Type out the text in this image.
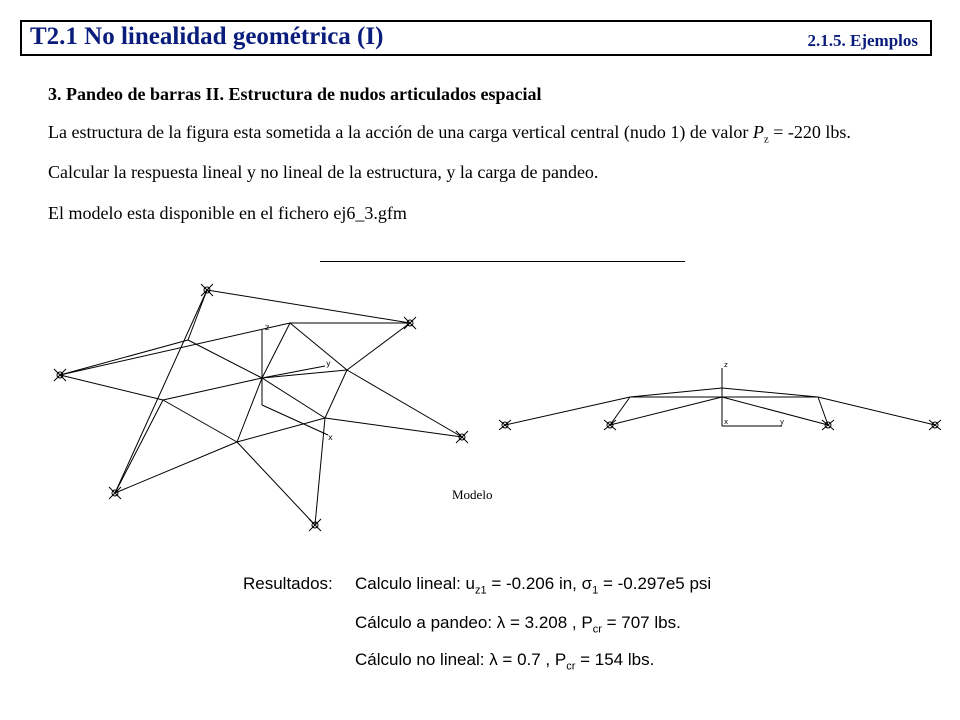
T2.1 No linealidad geométrica (I)	2.1.5. Ejemplos
3. Pandeo de barras II. Estructura de nudos articulados espacial
La estructura de la figura esta sometida a la acción de una carga vertical central (nudo 1) de valor $P_z = -220$ lbs.
Calcular la respuesta lineal y no lineal de la estructura, y la carga de pandeo.
El modelo esta disponible en el fichero ej6_3.gfm
z
y
x
z
y
x
Modelo
Resultados: Calculo lineal: $u_{z1} = -0.206$ in, $\sigma_1 = -0.297e5$ psi
Cálculo a pandeo: λ = 3.208 , $P_{cr} = 707$ lbs.
Cálculo no lineal: λ = 0.7 , $P_{cr} = 154$ lbs.
